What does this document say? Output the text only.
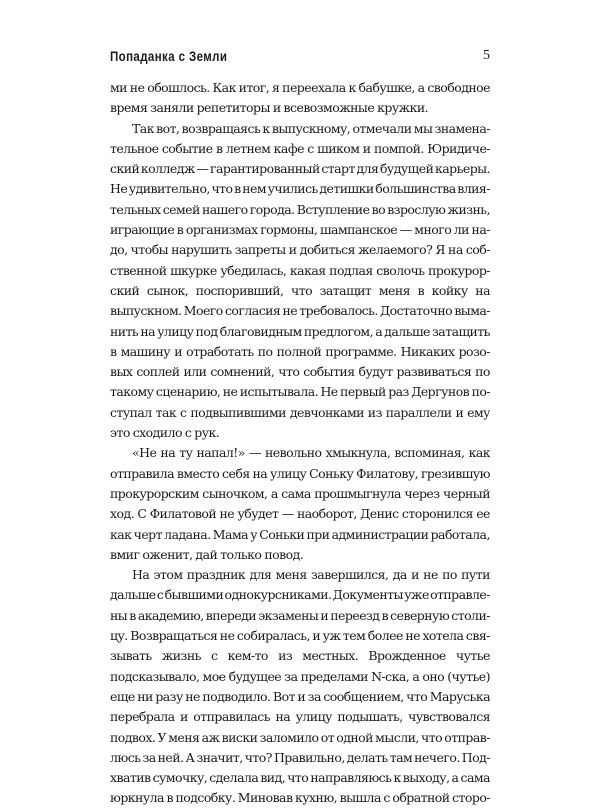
Попаданка с Земли	5
ми не обошлось. Как итог, я переехала к бабушке, а свободное
время заняли репетиторы и всевозможные кружки.
Так вот, возвращаясь к выпускному, отмечали мы знамена-
тельное событие в летнем кафе с шиком и помпой. Юридиче-
ский колледж — гарантированный старт для будущей карьеры.
Не удивительно, что в нем учились детишки большинства влия-
тельных семей нашего города. Вступление во взрослую жизнь,
играющие в организмах гормоны, шампанское — много ли на-
до, чтобы нарушить запреты и добиться желаемого? Я на соб-
ственной шкурке убедилась, какая подлая сволочь прокурор-
ский сынок, поспоривший, что затащит меня в койку на
выпускном. Моего согласия не требовалось. Достаточно выма-
нить на улицу под благовидным предлогом, а дальше затащить
в машину и отработать по полной программе. Никаких розо-
вых соплей или сомнений, что события будут развиваться по
такому сценарию, не испытывала. Не первый раз Дергунов по-
ступал так с подвыпившими девчонками из параллели и ему
это сходило с рук.
«Не на ту напал!» — невольно хмыкнула, вспоминая, как
отправила вместо себя на улицу Соньку Филатову, грезившую
прокурорским сыночком, а сама прошмыгнула через черный
ход. С Филатовой не убудет — наоборот, Денис сторонился ее
как черт ладана. Мама у Соньки при администрации работала,
вмиг оженит, дай только повод.
На этом праздник для меня завершился, да и не по пути
дальше с бывшими однокурсниками. Документы уже отправле-
ны в академию, впереди экзамены и переезд в северную столи-
цу. Возвращаться не собиралась, и уж тем более не хотела свя-
зывать жизнь с кем-то из местных. Врожденное чутье
подсказывало, мое будущее за пределами N-ска, а оно (чутье)
еще ни разу не подводило. Вот и за сообщением, что Маруська
перебрала и отправилась на улицу подышать, чувствовался
подвох. У меня аж виски заломило от одной мысли, что отправ-
люсь за ней. А значит, что? Правильно, делать там нечего. Под-
хватив сумочку, сделала вид, что направляюсь к выходу, а сама
юркнула в подсобку. Миновав кухню, вышла с обратной сторо-
